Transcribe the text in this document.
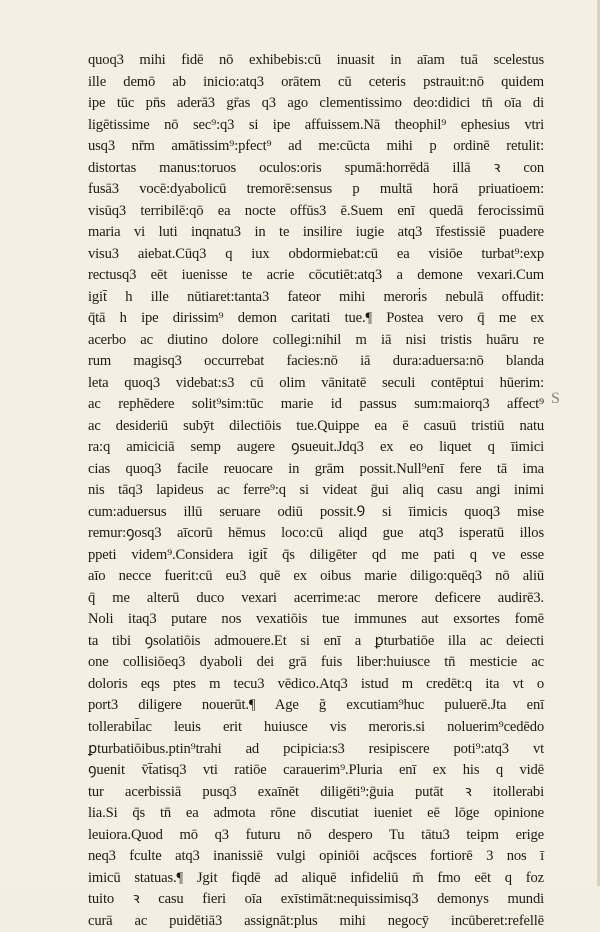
quoq3 mihi fidē nō exhibebis:cū inuasit in aīam tuā scelestus
ille demō ab inicio:atq3 orātem cū ceteris pstrauit:nō quidem
ipe tūc pn̄s aderā3 gr̄as q3 ago clementissimo deo:didici tn̄ oīa di
ligētissime nō sec⁹:q3 si ipe affuissem.Nā theophil⁹ ephesius vtri
usq3 nr̄m amātissim⁹:pfect⁹ ad me:cūcta mihi p ordinē retulit:
distortas manus:toruos oculos:oris spumā:horrēdā illā ꝛ con
fusā3 vocē:dyabolicū tremorē:sensus p multā horā priuatioem:
visūq3 terribilē:qō ea nocte offūs3 ē.Suem enī quedā ferocissimū
maria vi luti inqnatu3 in te insilire iugie atq3 īfestissiē puadere
visu3 aiebat.Cūq3 q iux obdormiebat:cū ea visiōe turbat⁹:exp
rectusq3 eēt iuenisse te acrie cōcutiēt:atq3 a demone vexari.Cum
igit̄ h ille nūtiaret:tanta3 fateor mihi merori̇s nebulā offudit:
q̄tā h ipe dirissim⁹ demon caritati tue.¶ Postea vero q̄ me ex
acerbo ac diutino dolore collegi:nihil m iā nisi tristis huāru re
rum magisq3 occurrebat facies:nō iā dura:aduersa:nō blanda
leta quoq3 videbat:s3 cū olim vānitatē seculi contēptui hūerim:
ac rephēdere solit⁹sim:tūc marie id passus sum:maiorq3 affect⁹
ac desideriū subȳt dilectiōis tue.Quippe ea ē casuū tristiū natu
ra:q amiciciā semp augere ꝯsueuit.Jdq3 ex eo liquet q īimici
cias quoq3 facile reuocare in grām possit.Null⁹enī fere tā ima
nis tāq3 lapideus ac ferre⁹:q si videat ḡui aliq casu angi inimi
cum:aduersus illū seruare odiū possit.Ꝯ si īimicis quoq3 mise
remur:ꝯosq3 aīcorū hēmus loco:cū aliqd gue atq3 isperatū illos
ppeti videm⁹.Considera igit̄ q̄s diligēter qd me pati q ve esse
aīo necce fuerit:cū eu3 quē ex oibus marie diligo:quēq3 nō aliū
q̄ me alterū duco vexari acerrime:ac merore deficere audirē3.
Noli itaq3 putare nos vexatiōis tue immunes aut exsortes fomē
ta tibi ꝯsolatiōis admouere.Et si enī a ꝑturbatiōe illa ac deiecti
one collisiōeq3 dyaboli dei grā fuis liber:huiusce tn̄ mesticie ac
doloris eqs ptes m tecu3 vēdico.Atq3 istud m credēt:q ita vt o
port3 diligere nouerūt.¶ Age ğ excutiam⁹huc puluerē.Jta enī
tollerabil̄ac leuis erit huiusce vis meroris.si noluerim⁹cedēdo
ꝑturbatiōibus.ptin⁹trahi ad pcipicia:s3 resipiscere poti⁹:atq3 vt
ꝯuenit v̄t̄atisq3 vti ratiōe carauerim⁹.Pluria enī ex his q vidē
tur acerbissiā pusq3 exaīnēt diligēti⁹:ḡuia putāt ꝛ itollerabi
lia.Si q̄s tn̄ ea admota rōne discutiat iueniet eē lōge opinione
leuiora.Quod mō q3 futuru nō despero Tu tātu3 teipm erige
neq3 fculte atq3 inanissiē vulgi opiniōi acq̄sces fortiorē 3 nos ī
imicū statuas.¶ Jgit fiqdē ad aliquē infideliū m̄ fmo eēt q foz
tuito ꝛ casu fieri oīa exīstimāt:nequissimisq3 demonys mundi
curā ac puidētiā3 assignāt:plus mihi negocȳ incūberet:refellē
S
